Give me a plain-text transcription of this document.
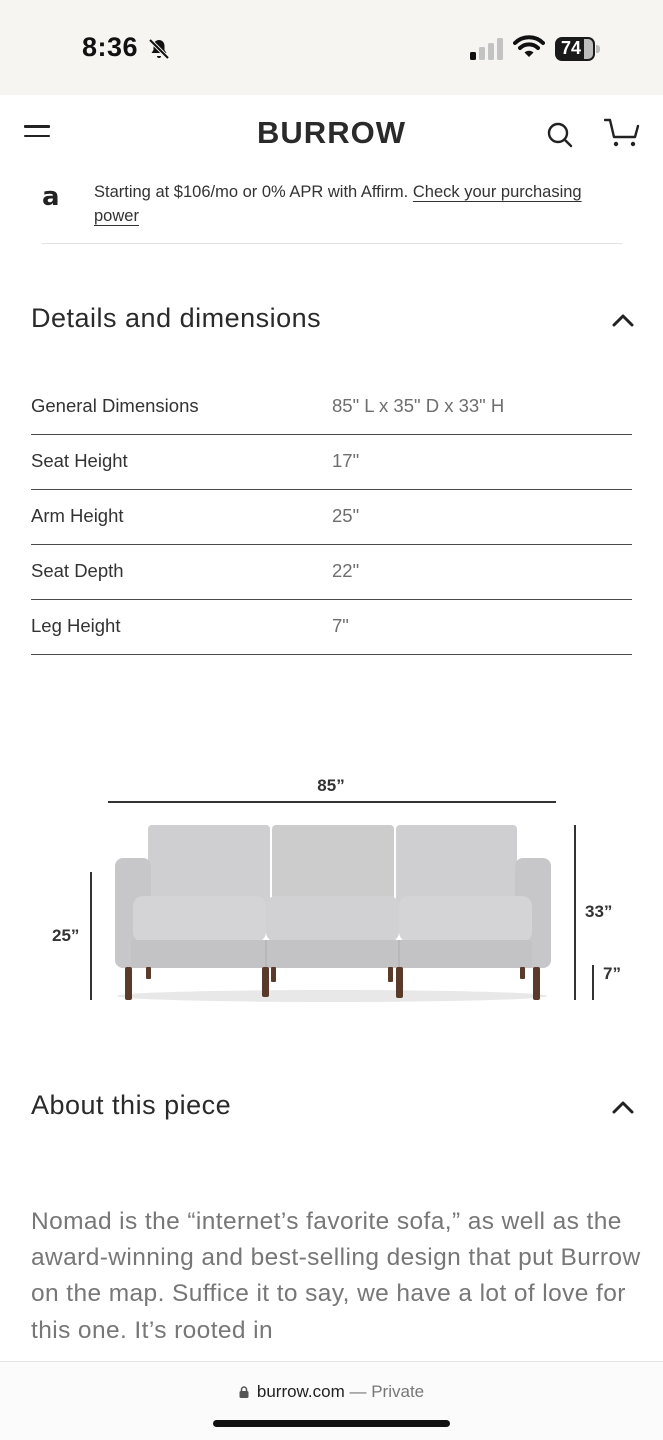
8:36	74
BURROW
a Starting at $106/mo or 0% APR with Affirm. Check your purchasing power
Details and dimensions
General Dimensions	85" L x 35" D x 33" H
Seat Height	17"
Arm Height	25"
Seat Depth	22"
Leg Height	7"
85”
25”
33”
7”
About this piece
Nomad is the “internet’s favorite sofa,” as well as the award-winning and best-selling design that put Burrow on the map. Suffice it to say, we have a lot of love for this one. It’s rooted in
burrow.com — Private
